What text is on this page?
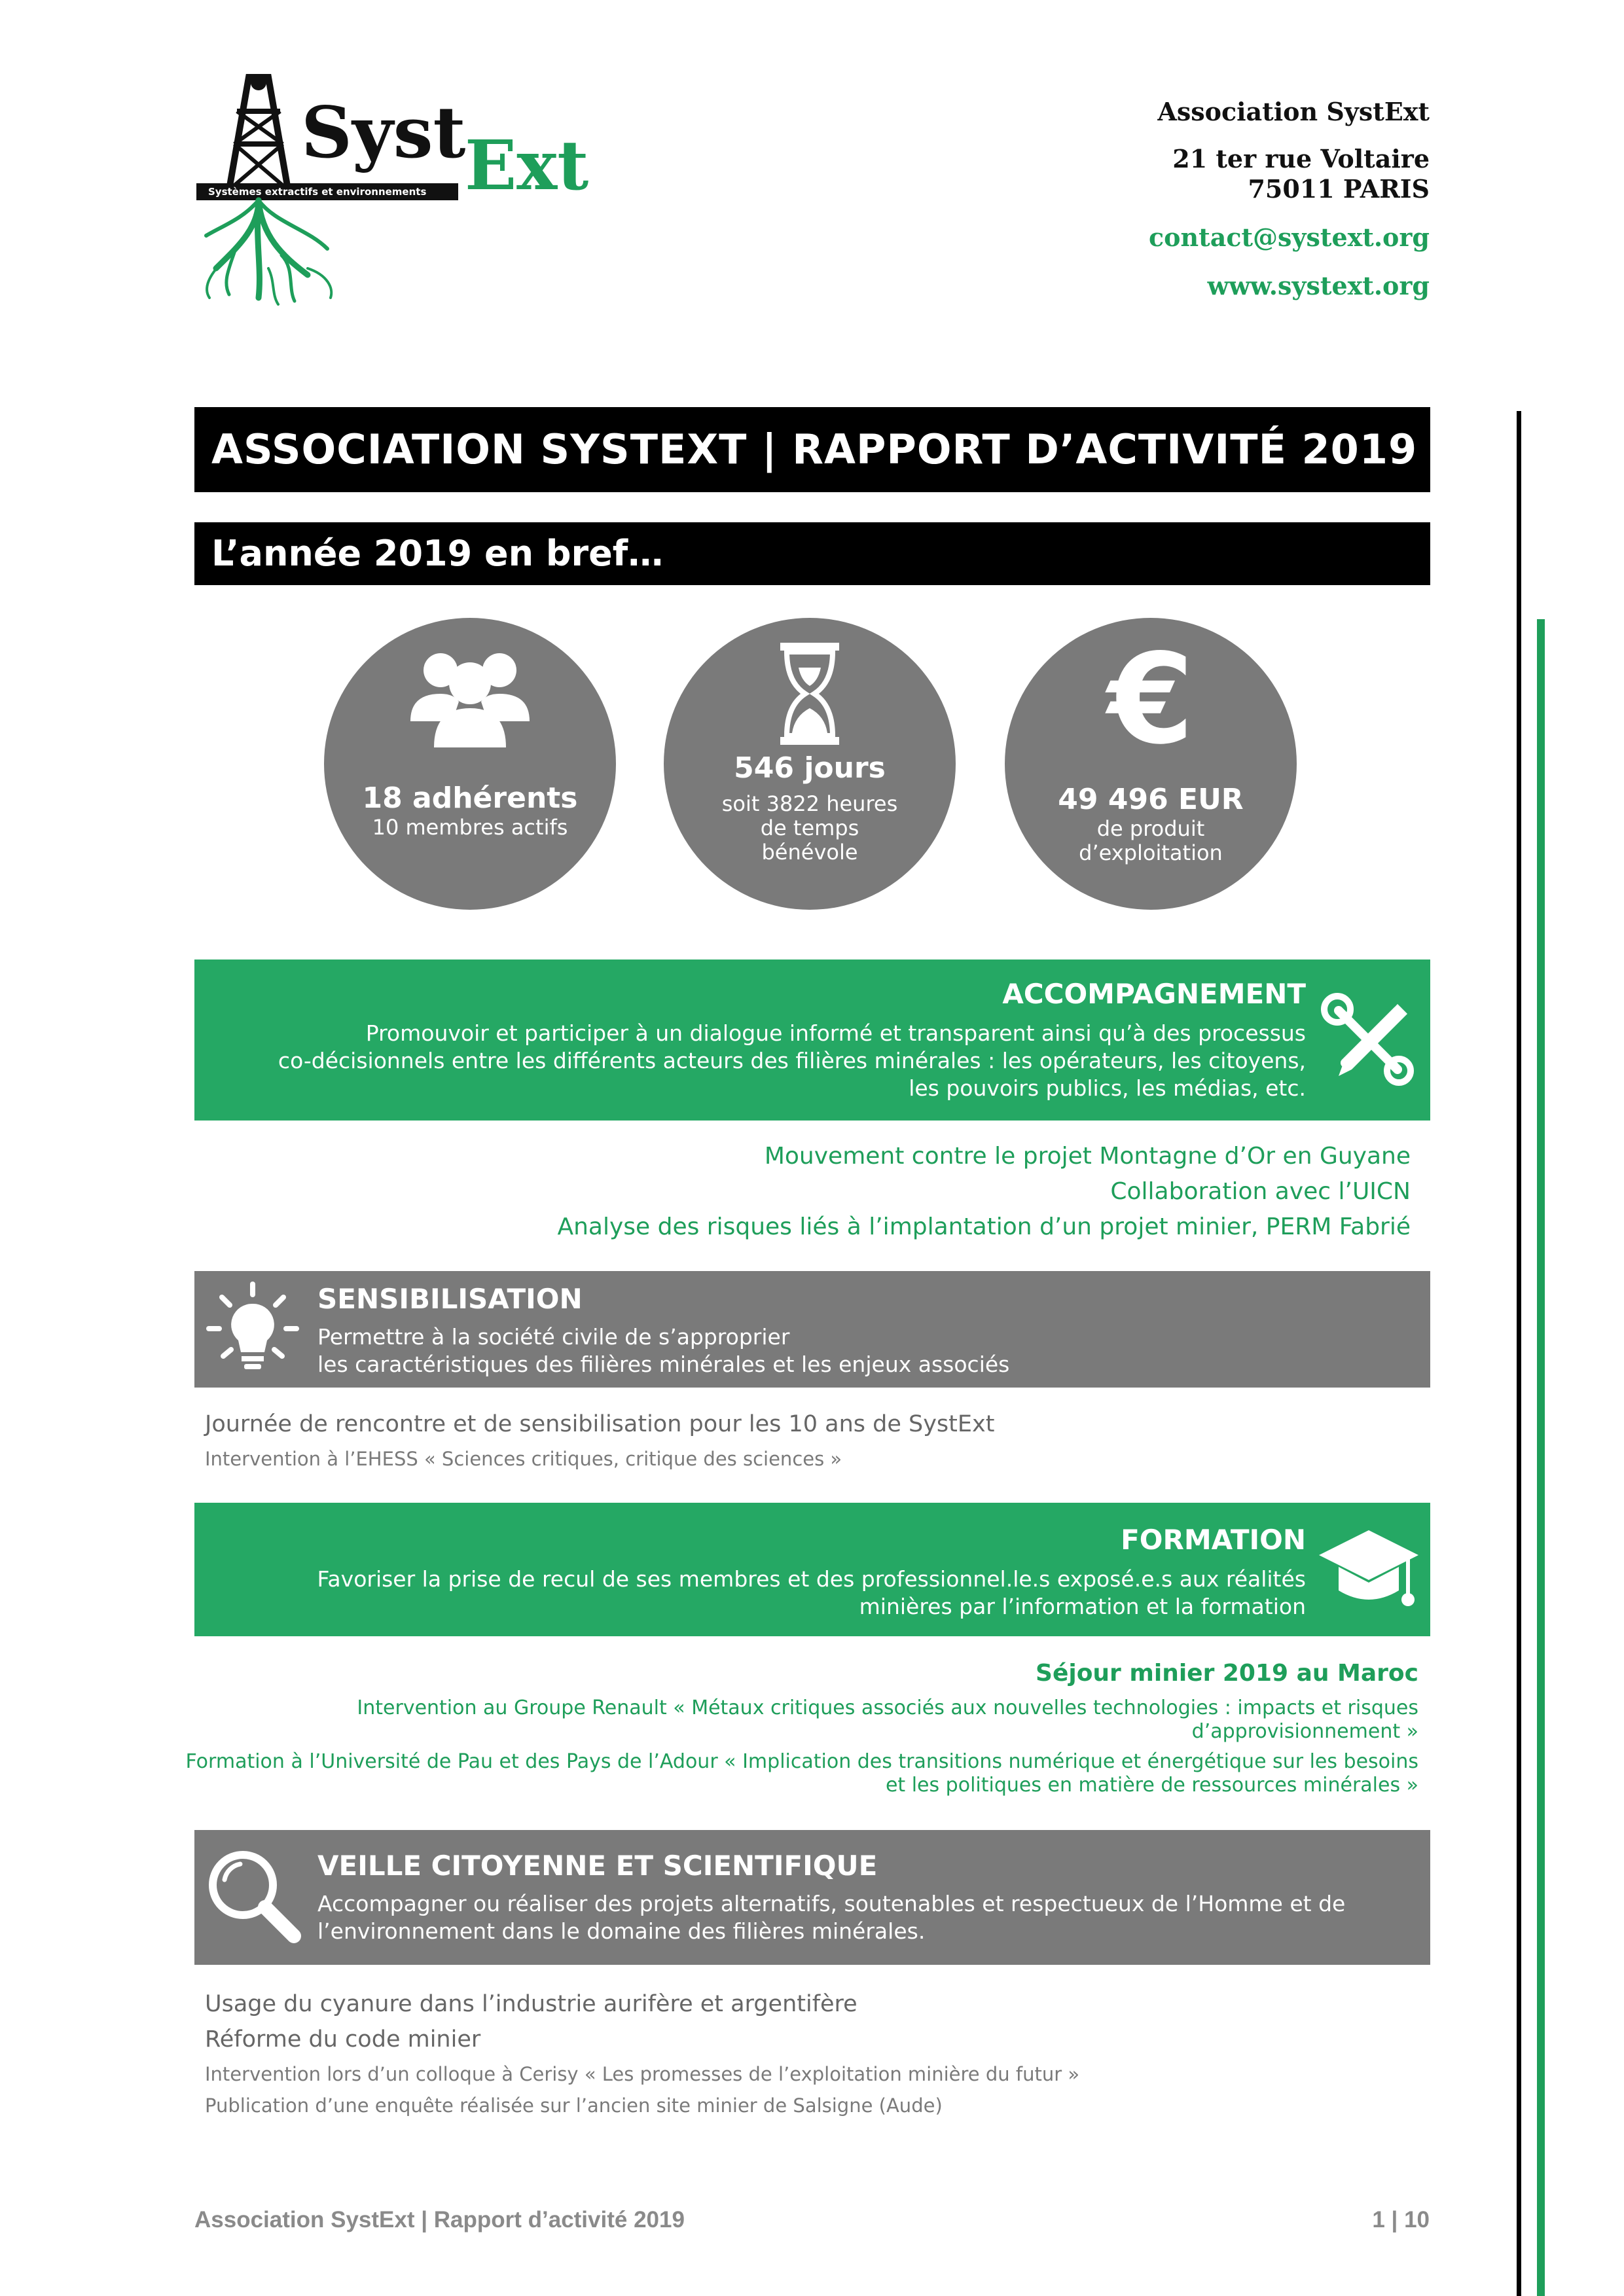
Syst
Ext
Systèmes extractifs et environnements
Association SystExt
21 ter rue Voltaire
75011 PARIS
contact@systext.org
www.systext.org
ASSOCIATION SYSTEXT | RAPPORT D’ACTIVITÉ 2019
L’année 2019 en bref…
18 adhérents
10 membres actifs
546 jours
soit 3822 heures
de temps
bénévole
€
49 496 EUR
de produit
d’exploitation
ACCOMPAGNEMENT
Promouvoir et participer à un dialogue informé et transparent ainsi qu’à des processus
co-décisionnels entre les différents acteurs des filières minérales : les opérateurs, les citoyens,
les pouvoirs publics, les médias, etc.
Mouvement contre le projet Montagne d’Or en Guyane
Collaboration avec l’UICN
Analyse des risques liés à l’implantation d’un projet minier, PERM Fabrié
SENSIBILISATION
Permettre à la société civile de s’approprier
les caractéristiques des filières minérales et les enjeux associés
Journée de rencontre et de sensibilisation pour les 10 ans de SystExt
Intervention à l’EHESS « Sciences critiques, critique des sciences »
FORMATION
Favoriser la prise de recul de ses membres et des professionnel.le.s exposé.e.s aux réalités
minières par l’information et la formation
Séjour minier 2019 au Maroc
Intervention au Groupe Renault « Métaux critiques associés aux nouvelles technologies : impacts et risques
d’approvisionnement »
Formation à l’Université de Pau et des Pays de l’Adour « Implication des transitions numérique et énergétique sur les besoins
et les politiques en matière de ressources minérales »
VEILLE CITOYENNE ET SCIENTIFIQUE
Accompagner ou réaliser des projets alternatifs, soutenables et respectueux de l’Homme et de
l’environnement dans le domaine des filières minérales.
Usage du cyanure dans l’industrie aurifère et argentifère
Réforme du code minier
Intervention lors d’un colloque à Cerisy « Les promesses de l’exploitation minière du futur »
Publication d’une enquête réalisée sur l’ancien site minier de Salsigne (Aude)
Association SystExt | Rapport d’activité 2019	1 | 10
